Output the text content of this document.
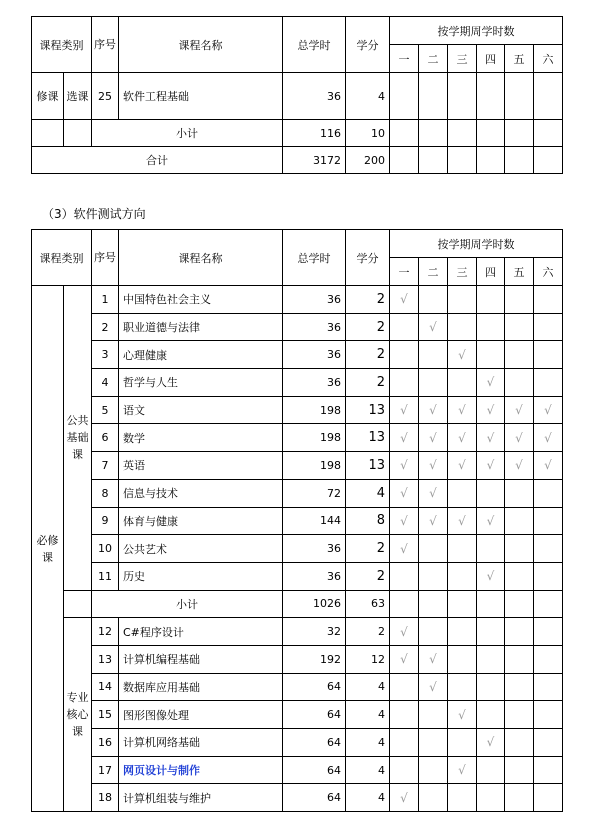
课程类别		序号	课程名称	总学时	学分	按学期周学时数					
						一	二	三	四	五	六
修课	选课	25	软件工程基础	36	4						
		小计		116	10						
合计				3172	200						
（3）软件测试方向
课程类别		序号	课程名称	总学时	学分	按学期周学时数					
						一	二	三	四	五	六
必修课	公共基础课	1	中国特色社会主义	36	2	√					
		2	职业道德与法律	36	2		√				
		3	心理健康	36	2			√			
		4	哲学与人生	36	2				√		
		5	语文	198	13	√	√	√	√	√	√
		6	数学	198	13	√	√	√	√	√	√
		7	英语	198	13	√	√	√	√	√	√
		8	信息与技术	72	4	√	√				
		9	体育与健康	144	8	√	√	√	√		
		10	公共艺术	36	2	√					
		11	历史	36	2				√		
		小计		1026	63						
	专业核心课	12	C#程序设计	32	2	√					
		13	计算机编程基础	192	12	√	√				
		14	数据库应用基础	64	4		√				
		15	图形图像处理	64	4			√			
		16	计算机网络基础	64	4				√		
		17	网页设计与制作	64	4			√			
		18	计算机组装与维护	64	4	√					
